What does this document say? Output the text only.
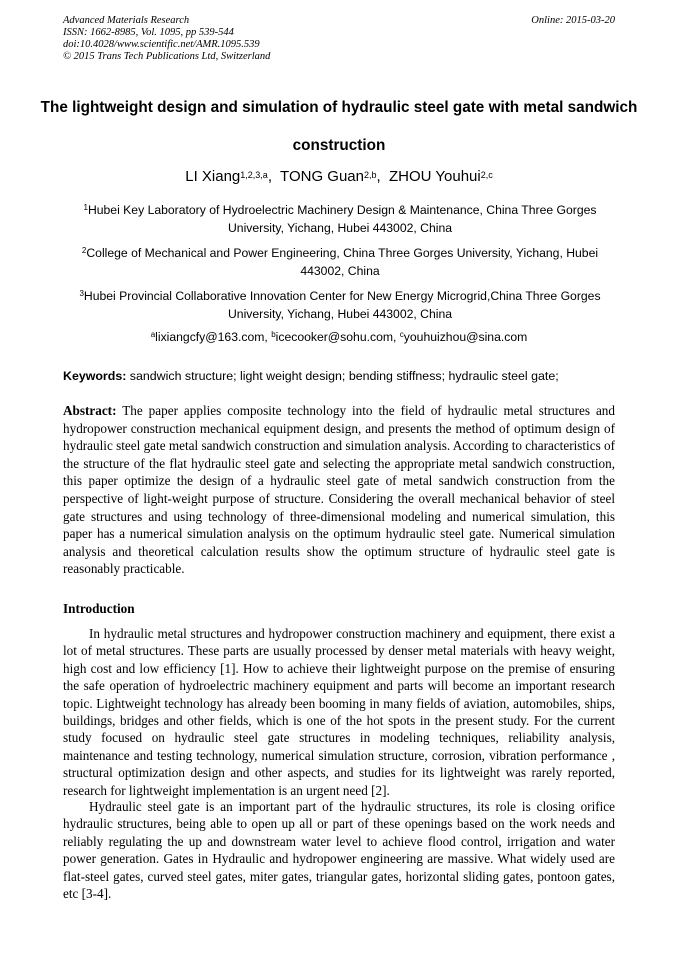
Advanced Materials Research
ISSN: 1662-8985, Vol. 1095, pp 539-544
doi:10.4028/www.scientific.net/AMR.1095.539
© 2015 Trans Tech Publications Ltd, Switzerland
Online: 2015-03-20
The lightweight design and simulation of hydraulic steel gate with metal sandwich construction
LI Xiang$^{1,2,3,a}$,  TONG Guan$^{2,b}$,  ZHOU Youhui$^{2,c}$
$^1$Hubei Key Laboratory of Hydroelectric Machinery Design & Maintenance, China Three Gorges University, Yichang, Hubei 443002, China
$^2$College of Mechanical and Power Engineering, China Three Gorges University, Yichang, Hubei 443002, China
$^3$Hubei Provincial Collaborative Innovation Center for New Energy Microgrid,China Three Gorges University, Yichang, Hubei 443002, China
$^a$lixiangcfy@163.com, $^b$icecooker@sohu.com, $^c$youhuizhou@sina.com
Keywords: sandwich structure; light weight design; bending stiffness; hydraulic steel gate;
Abstract: The paper applies composite technology into the field of hydraulic metal structures and hydropower construction mechanical equipment design, and presents the method of optimum design of hydraulic steel gate metal sandwich construction and simulation analysis. According to characteristics of the structure of the flat hydraulic steel gate and selecting the appropriate metal sandwich construction, this paper optimize the design of a hydraulic steel gate of metal sandwich construction from the perspective of light-weight purpose of structure. Considering the overall mechanical behavior of steel gate structures and using technology of three-dimensional modeling and numerical simulation, this paper has a numerical simulation analysis on the optimum hydraulic steel gate. Numerical simulation analysis and theoretical calculation results show the optimum structure of hydraulic steel gate is reasonably practicable.
Introduction
In hydraulic metal structures and hydropower construction machinery and equipment, there exist a lot of metal structures. These parts are usually processed by denser metal materials with heavy weight, high cost and low efficiency [1]. How to achieve their lightweight purpose on the premise of ensuring the safe operation of hydroelectric machinery equipment and parts will become an important research topic. Lightweight technology has already been booming in many fields of aviation, automobiles, ships, buildings, bridges and other fields, which is one of the hot spots in the present study. For the current study focused on hydraulic steel gate structures in modeling techniques, reliability analysis, maintenance and testing technology, numerical simulation structure, corrosion, vibration performance , structural optimization design and other aspects, and studies for its lightweight was rarely reported, research for lightweight implementation is an urgent need [2].
Hydraulic steel gate is an important part of the hydraulic structures, its role is closing orifice hydraulic structures, being able to open up all or part of these openings based on the work needs and reliably regulating the up and downstream water level to achieve flood control, irrigation and water power generation. Gates in Hydraulic and hydropower engineering are massive. What widely used are flat-steel gates, curved steel gates, miter gates, triangular gates, horizontal sliding gates, pontoon gates, etc [3-4].
